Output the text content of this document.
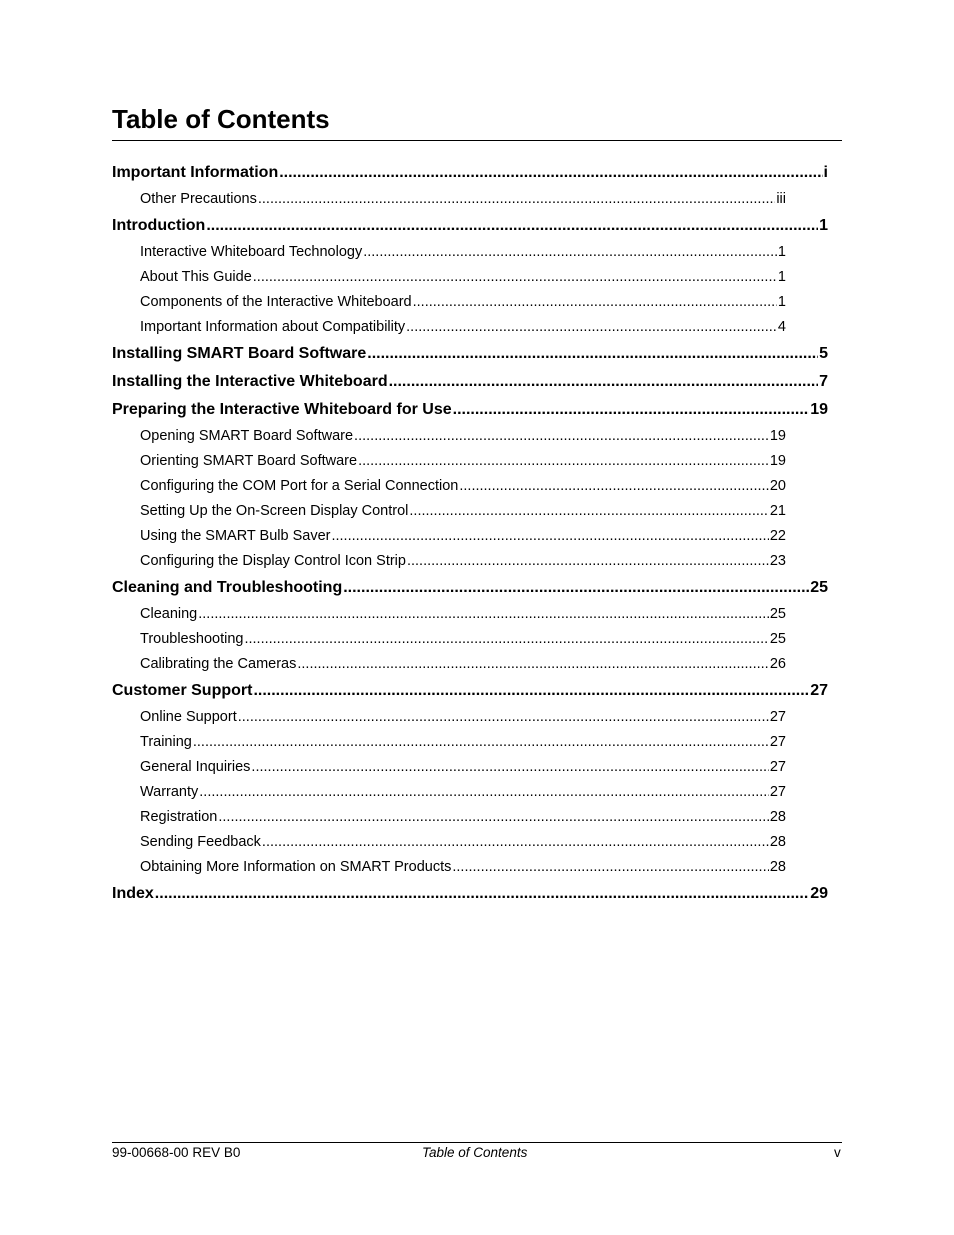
Table of Contents
Important Information .....	i
Other Precautions .....	iii
Introduction .....	1
Interactive Whiteboard Technology .....	1
About This Guide .....	1
Components of the Interactive Whiteboard .....	1
Important Information about Compatibility .....	4
Installing SMART Board Software .....	5
Installing the Interactive Whiteboard .....	7
Preparing the Interactive Whiteboard for Use .....	19
Opening SMART Board Software .....	19
Orienting SMART Board Software .....	19
Configuring the COM Port for a Serial Connection .....	20
Setting Up the On-Screen Display Control .....	21
Using the SMART Bulb Saver .....	22
Configuring the Display Control Icon Strip .....	23
Cleaning and Troubleshooting .....	25
Cleaning .....	25
Troubleshooting .....	25
Calibrating the Cameras .....	26
Customer Support .....	27
Online Support .....	27
Training .....	27
General Inquiries .....	27
Warranty .....	27
Registration .....	28
Sending Feedback .....	28
Obtaining More Information on SMART Products .....	28
Index .....	29
99-00668-00 REV B0	Table of Contents	v
